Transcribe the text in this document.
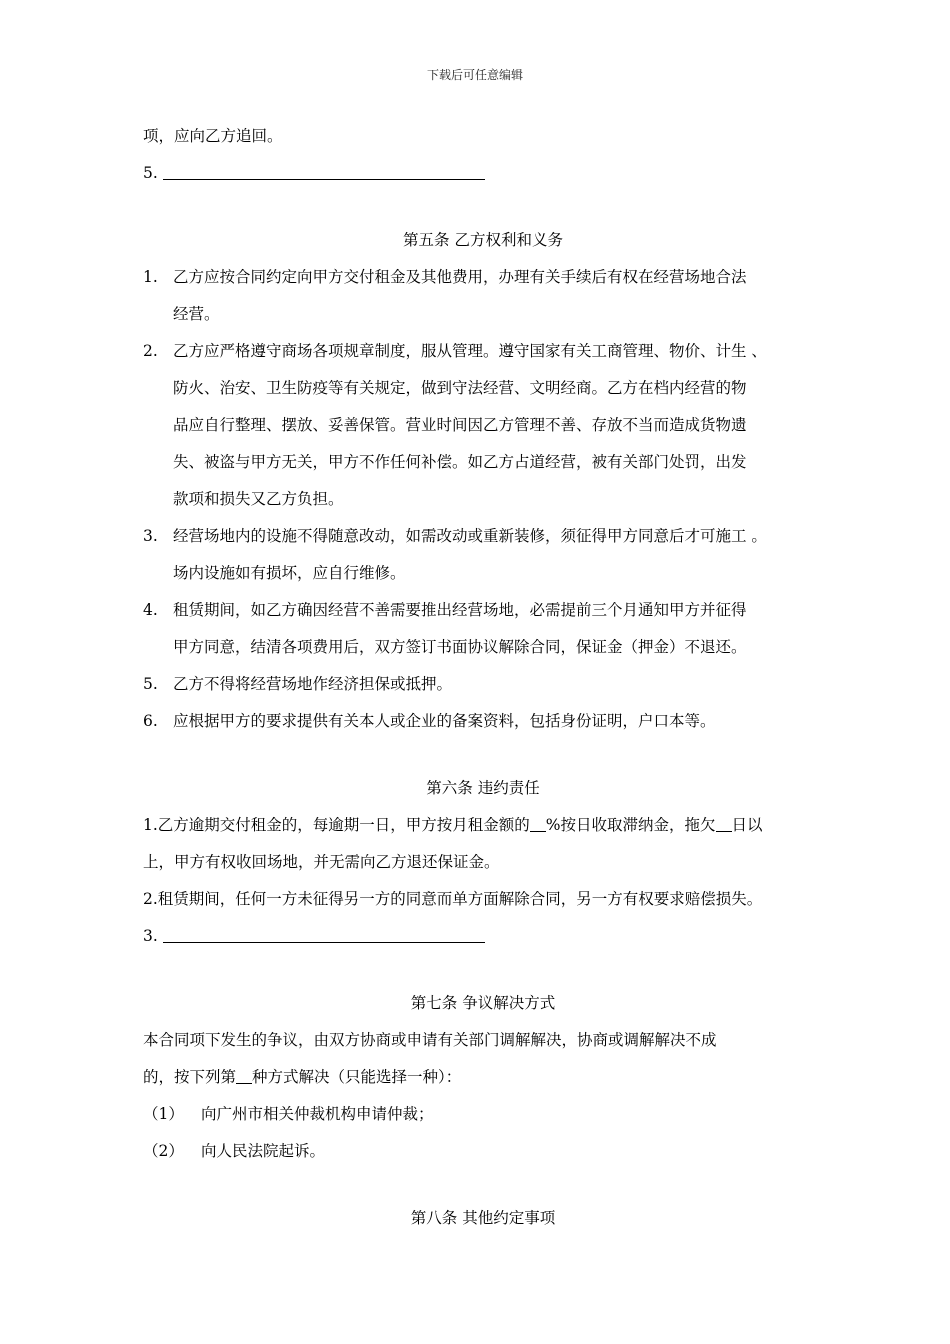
下载后可任意编辑
项，应向乙方追回。
5.
第五条 乙方权利和义务
1. 乙方应按合同约定向甲方交付租金及其他费用，办理有关手续后有权在经营场地合法
经营。
2. 乙方应严格遵守商场各项规章制度，服从管理。遵守国家有关工商管理、物价、计生 、
防火、治安、卫生防疫等有关规定，做到守法经营、文明经商。乙方在档内经营的物
品应自行整理、摆放、妥善保管。营业时间因乙方管理不善、存放不当而造成货物遗
失、被盗与甲方无关，甲方不作任何补偿。如乙方占道经营，被有关部门处罚，出发
款项和损失又乙方负担。
3. 经营场地内的设施不得随意改动，如需改动或重新装修，须征得甲方同意后才可施工 。
场内设施如有损坏，应自行维修。
4. 租赁期间，如乙方确因经营不善需要推出经营场地，必需提前三个月通知甲方并征得
甲方同意，结清各项费用后，双方签订书面协议解除合同，保证金（押金）不退还。
5. 乙方不得将经营场地作经济担保或抵押。
6. 应根据甲方的要求提供有关本人或企业的备案资料，包括身份证明，户口本等。
第六条 违约责任
1.乙方逾期交付租金的，每逾期一日，甲方按月租金额的 %按日收取滞纳金，拖欠 日以
上，甲方有权收回场地，并无需向乙方退还保证金。
2.租赁期间，任何一方未征得另一方的同意而单方面解除合同，另一方有权要求赔偿损失。
3.
第七条 争议解决方式
本合同项下发生的争议，由双方协商或申请有关部门调解解决，协商或调解解决不成
的，按下列第 种方式解决（只能选择一种）：
（1） 向广州市相关仲裁机构申请仲裁；
（2） 向人民法院起诉。
第八条 其他约定事项
